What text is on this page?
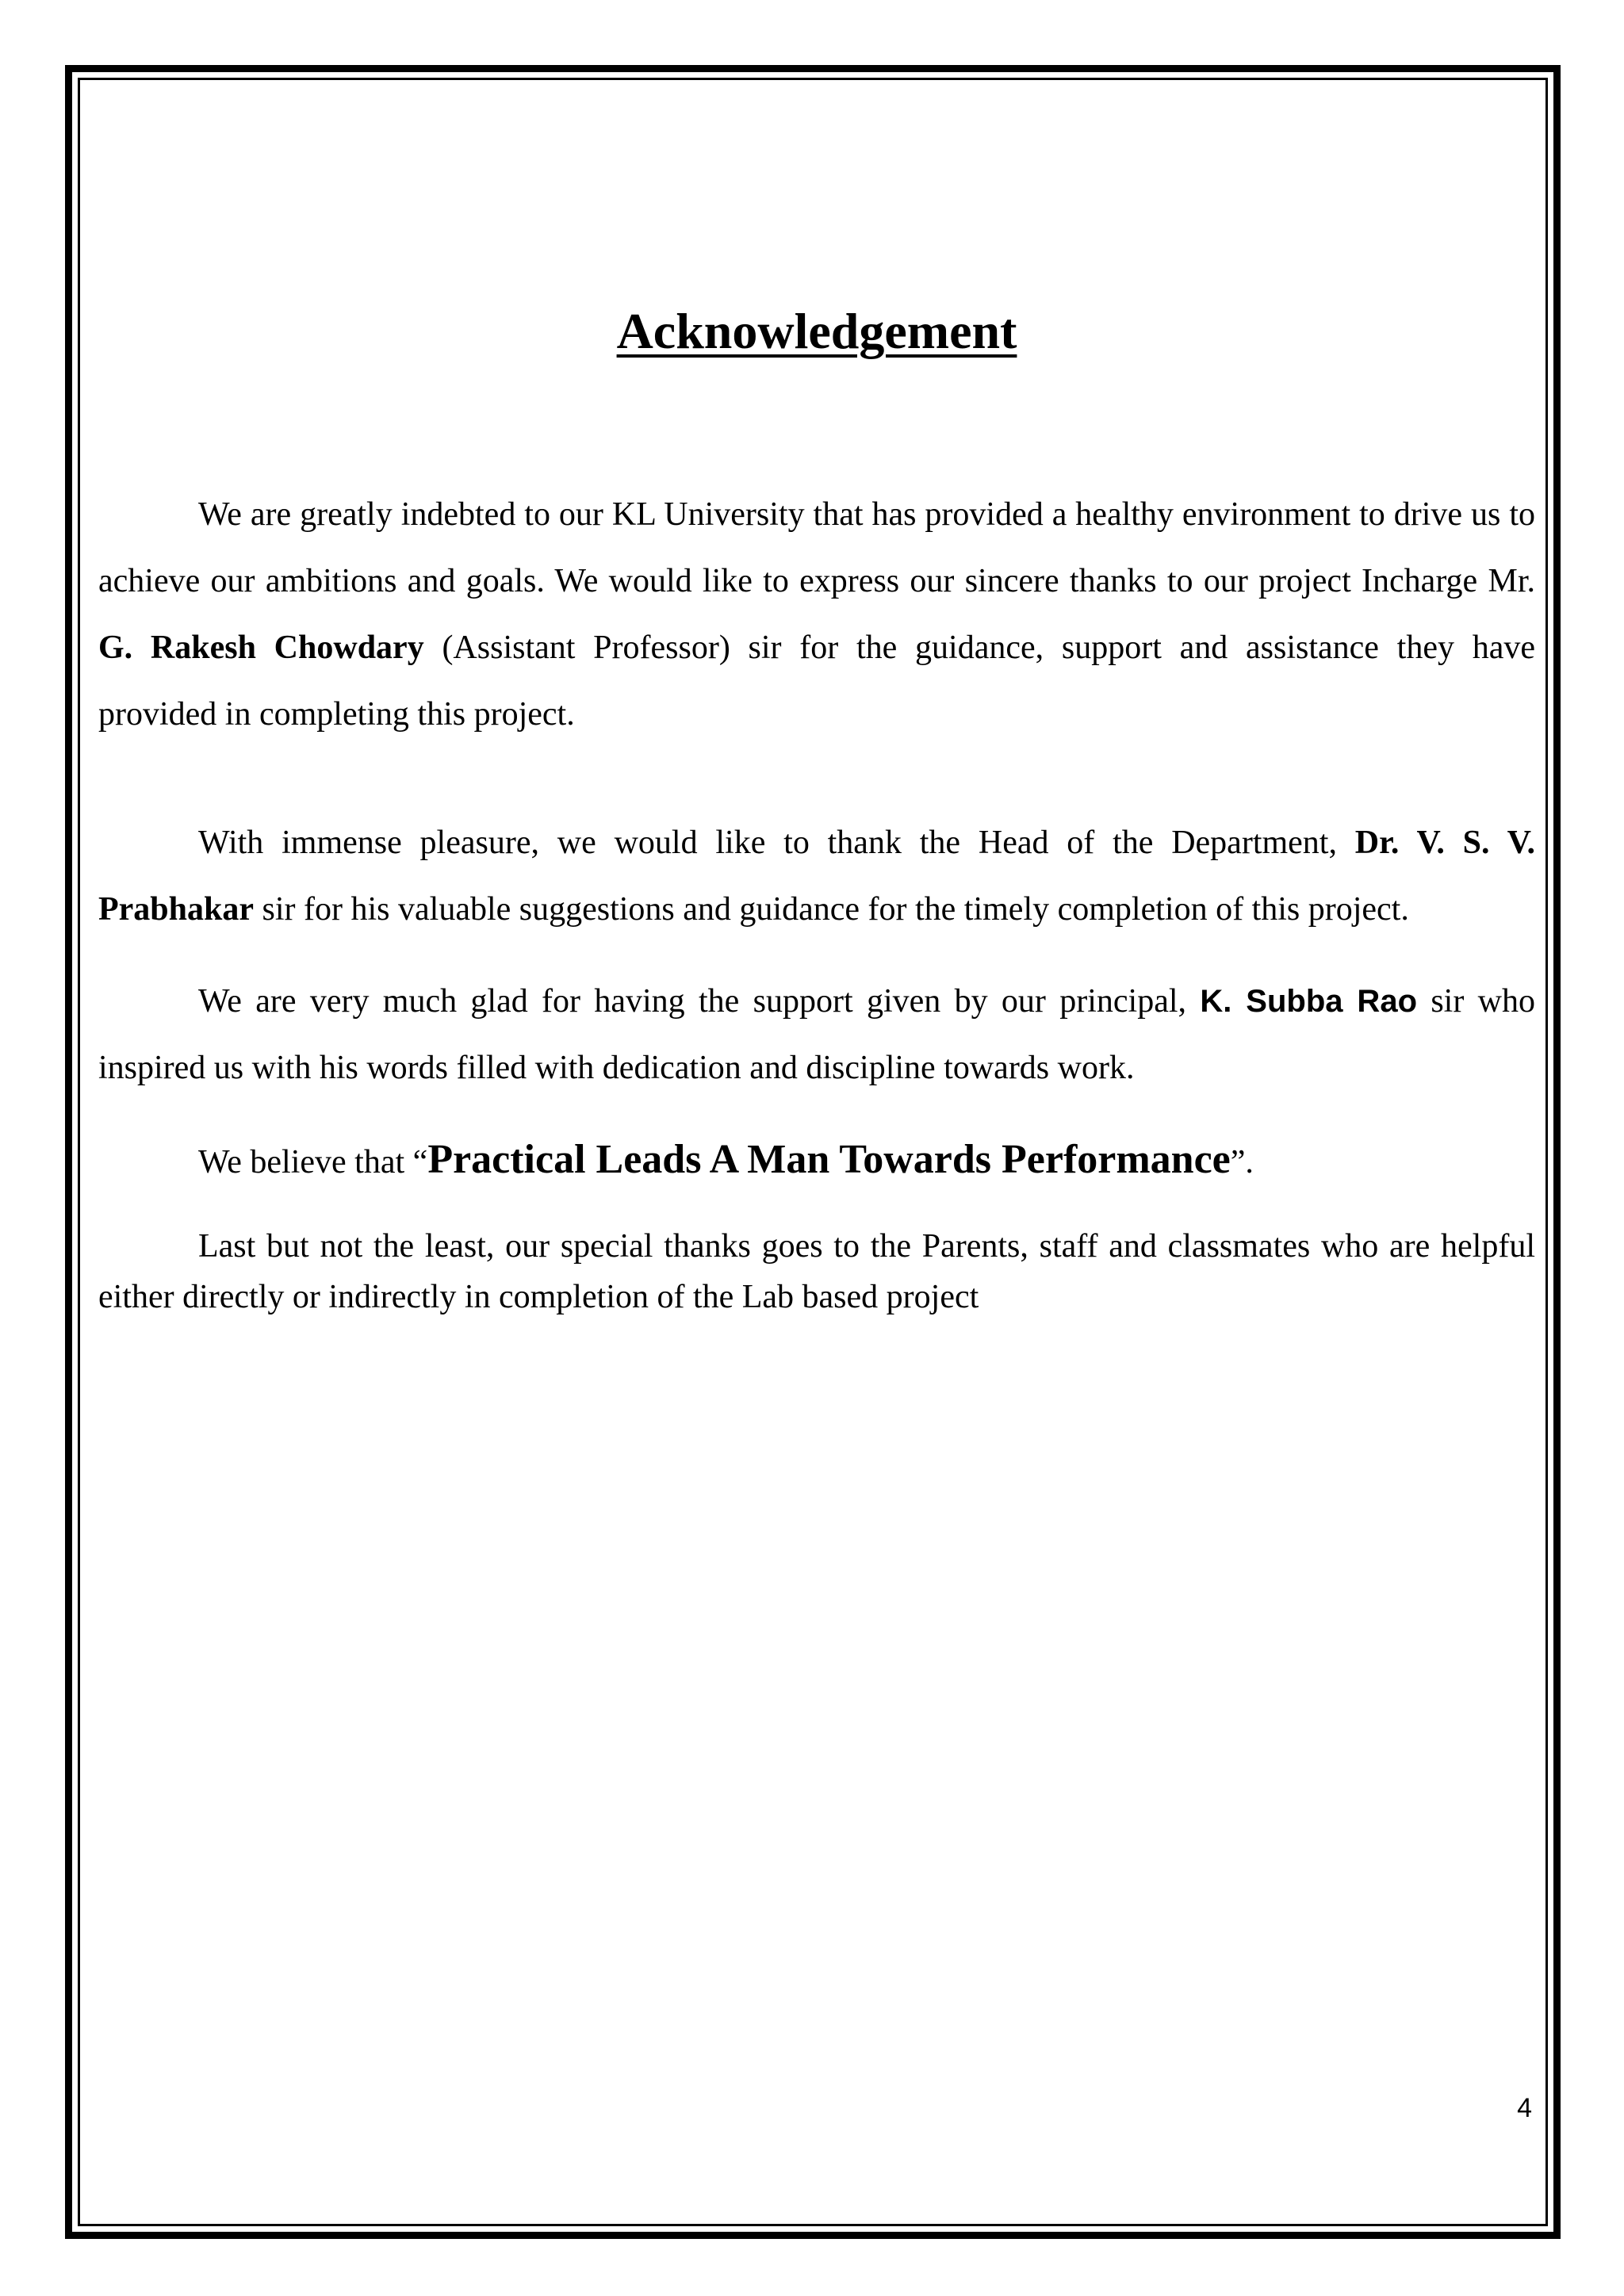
Acknowledgement

We are greatly indebted to our KL University that has provided a healthy environment to drive us to achieve our ambitions and goals. We would like to express our sincere thanks to our project Incharge Mr. G. Rakesh Chowdary (Assistant Professor) sir for the guidance, support and assistance they have provided in completing this project.

With immense pleasure, we would like to thank the Head of the Department, Dr. V. S. V. Prabhakar sir for his valuable suggestions and guidance for the timely completion of this project.

We are very much glad for having the support given by our principal, K. Subba Rao sir who inspired us with his words filled with dedication and discipline towards work.

We believe that “Practical Leads A Man Towards Performance”.

Last but not the least, our special thanks goes to the Parents, staff and classmates who are helpful either directly or indirectly in completion of the Lab based project

4
